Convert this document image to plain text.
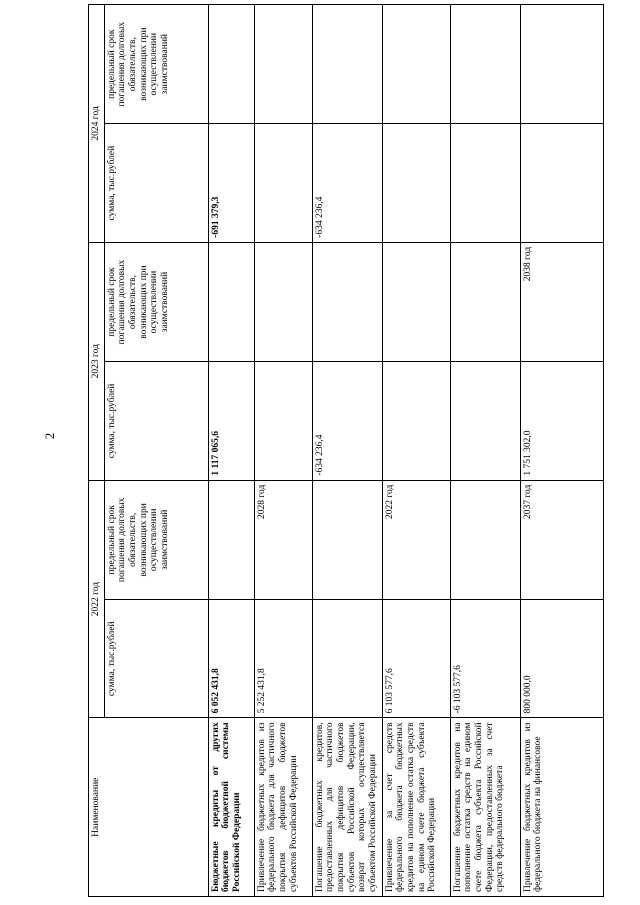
2
Наименование	2022 год		2023 год		2024 год	
	сумма, тыс.рублей	предельный срок погашения долговых обязательств, возникающих при осуществлении заимствований	сумма, тыс.рублей	предельный срок погашения долговых обязательств, возникающих при осуществлении заимствований	сумма, тыс.рублей	предельный срок погашения долговых обязательств, возникающих при осуществлении заимствований
Бюджетные кредиты от других бюджетов бюджетной системы Российской Федерации	6 052 431,8		1 117 065,6		-691 379,3	
Привлечение бюджетных кредитов из федерального бюджета для частичного покрытия дефицитов бюджетов субъектов Российской Федерации	5 252 431,8	2028 год				
Погашение бюджетных кредитов, предоставленных для частичного покрытия дефицитов бюджетов субъектов Российской Федерации, возврат которых осуществляется субъектом Российской Федерации			-634 236,4		-634 236,4	
Привлечение за счет средств федерального бюджета бюджетных кредитов на пополнение остатка средств на едином счете бюджета субъекта Российской Федерации	6 103 577,6	2022 год				
Погашение бюджетных кредитов на пополнение остатка средств на едином счете бюджета субъекта Российской Федерации, предоставленных за счет средств федерального бюджета	-6 103 577,6					
Привлечение бюджетных кредитов из федерального бюджета на финансовое	800 000,0	2037 год	1 751 302,0	2038 год		
